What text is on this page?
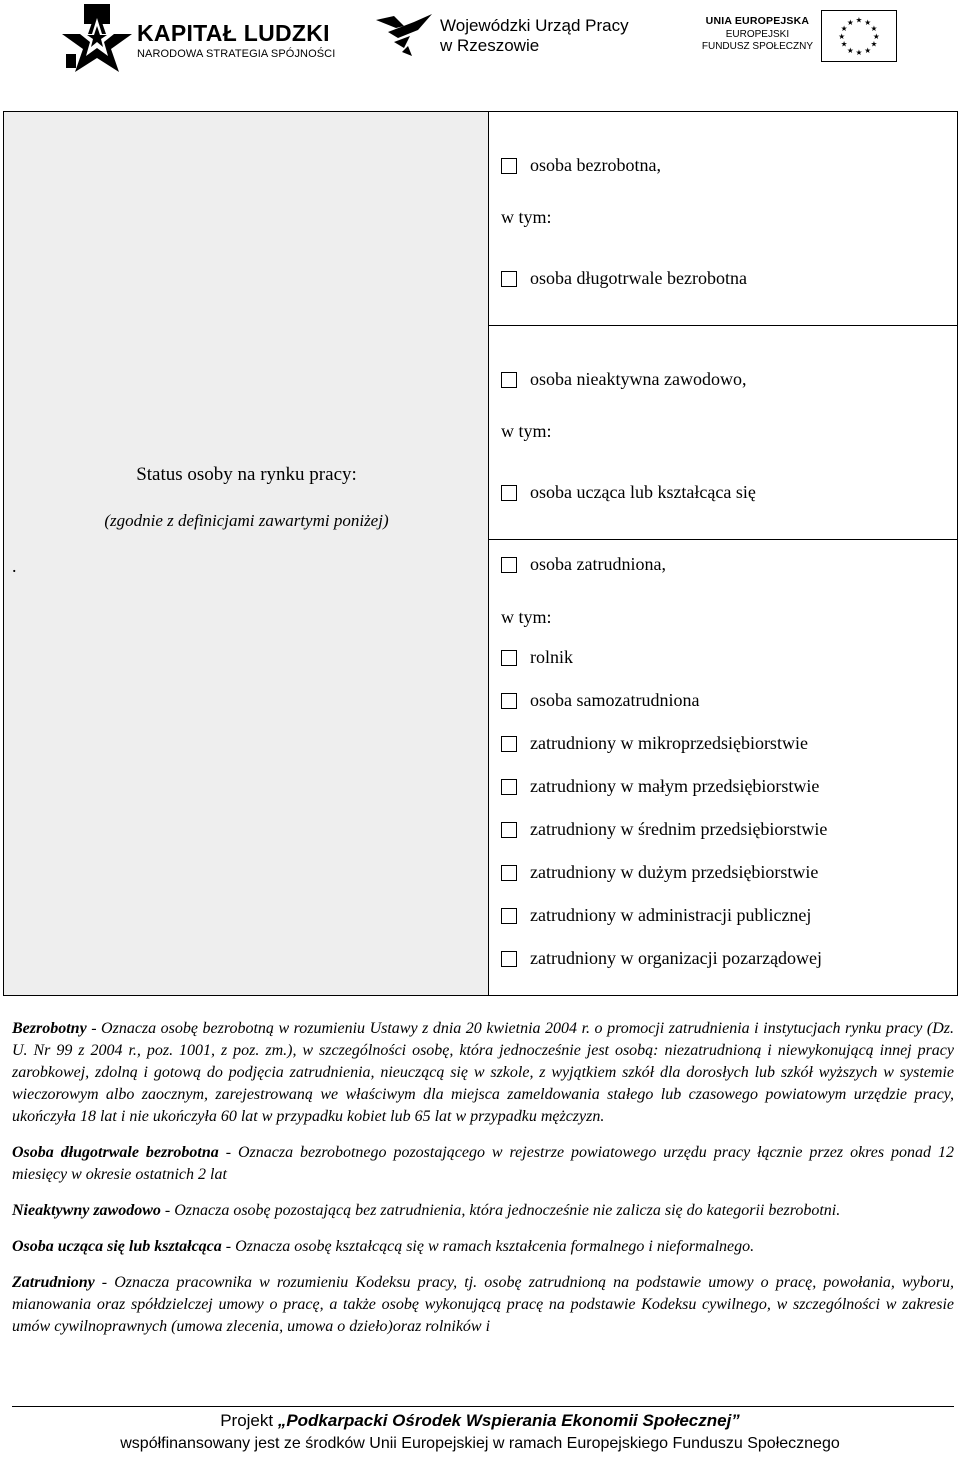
KAPITAŁ LUDZKI
NARODOWA STRATEGIA SPÓJNOŚCI
Wojewódzki Urząd Pracy
w Rzeszowie
UNIA EUROPEJSKA
EUROPEJSKI
FUNDUSZ SPOŁECZNY
★ ★
★
★
★
★
★
★
★
★
★
★
Status osoby na rynku pracy:
(zgodnie z definicjami zawartymi poniżej)
.
osoba bezrobotna,
w tym:
osoba długotrwale bezrobotna
osoba nieaktywna zawodowo,
w tym:
osoba ucząca lub kształcąca się
osoba zatrudniona,
w tym:
rolnik
osoba samozatrudniona
zatrudniony w mikroprzedsiębiorstwie
zatrudniony w małym przedsiębiorstwie
zatrudniony w średnim przedsiębiorstwie
zatrudniony w dużym przedsiębiorstwie
zatrudniony w administracji publicznej
zatrudniony w organizacji pozarządowej

Bezrobotny - Oznacza osobę bezrobotną w rozumieniu Ustawy z dnia 20 kwietnia 2004 r. o promocji zatrudnienia i instytucjach rynku pracy (Dz. U. Nr 99 z 2004 r., poz. 1001, z poz. zm.), w szczególności osobę, która jednocześnie jest osobą: niezatrudnioną i niewykonującą innej pracy zarobkowej, zdolną i gotową do podjęcia zatrudnienia, nieuczącą się w szkole, z wyjątkiem szkół dla dorosłych lub szkół wyższych w systemie wieczorowym albo zaocznym, zarejestrowaną we właściwym dla miejsca zameldowania stałego lub czasowego powiatowym urzędzie pracy, ukończyła 18 lat i nie ukończyła 60 lat w przypadku kobiet lub 65 lat w przypadku mężczyzn.

Osoba długotrwale bezrobotna - Oznacza bezrobotnego pozostającego w rejestrze powiatowego urzędu pracy łącznie przez okres ponad 12 miesięcy w okresie ostatnich 2 lat

Nieaktywny zawodowo - Oznacza osobę pozostającą bez zatrudnienia, która jednocześnie nie zalicza się do kategorii bezrobotni.

Osoba ucząca się lub kształcąca - Oznacza osobę kształcącą się w ramach kształcenia formalnego i nieformalnego.

Zatrudniony - Oznacza pracownika w rozumieniu Kodeksu pracy, tj. osobę zatrudnioną na podstawie umowy o pracę, powołania, wyboru, mianowania oraz spółdzielczej umowy o pracę, a także osobę wykonującą pracę na podstawie Kodeksu cywilnego, w szczególności w zakresie umów cywilnoprawnych (umowa zlecenia, umowa o dzieło)oraz rolników i

Projekt „Podkarpacki Ośrodek Wspierania Ekonomii Społecznej”
współfinansowany jest ze środków Unii Europejskiej w ramach Europejskiego Funduszu Społecznego
